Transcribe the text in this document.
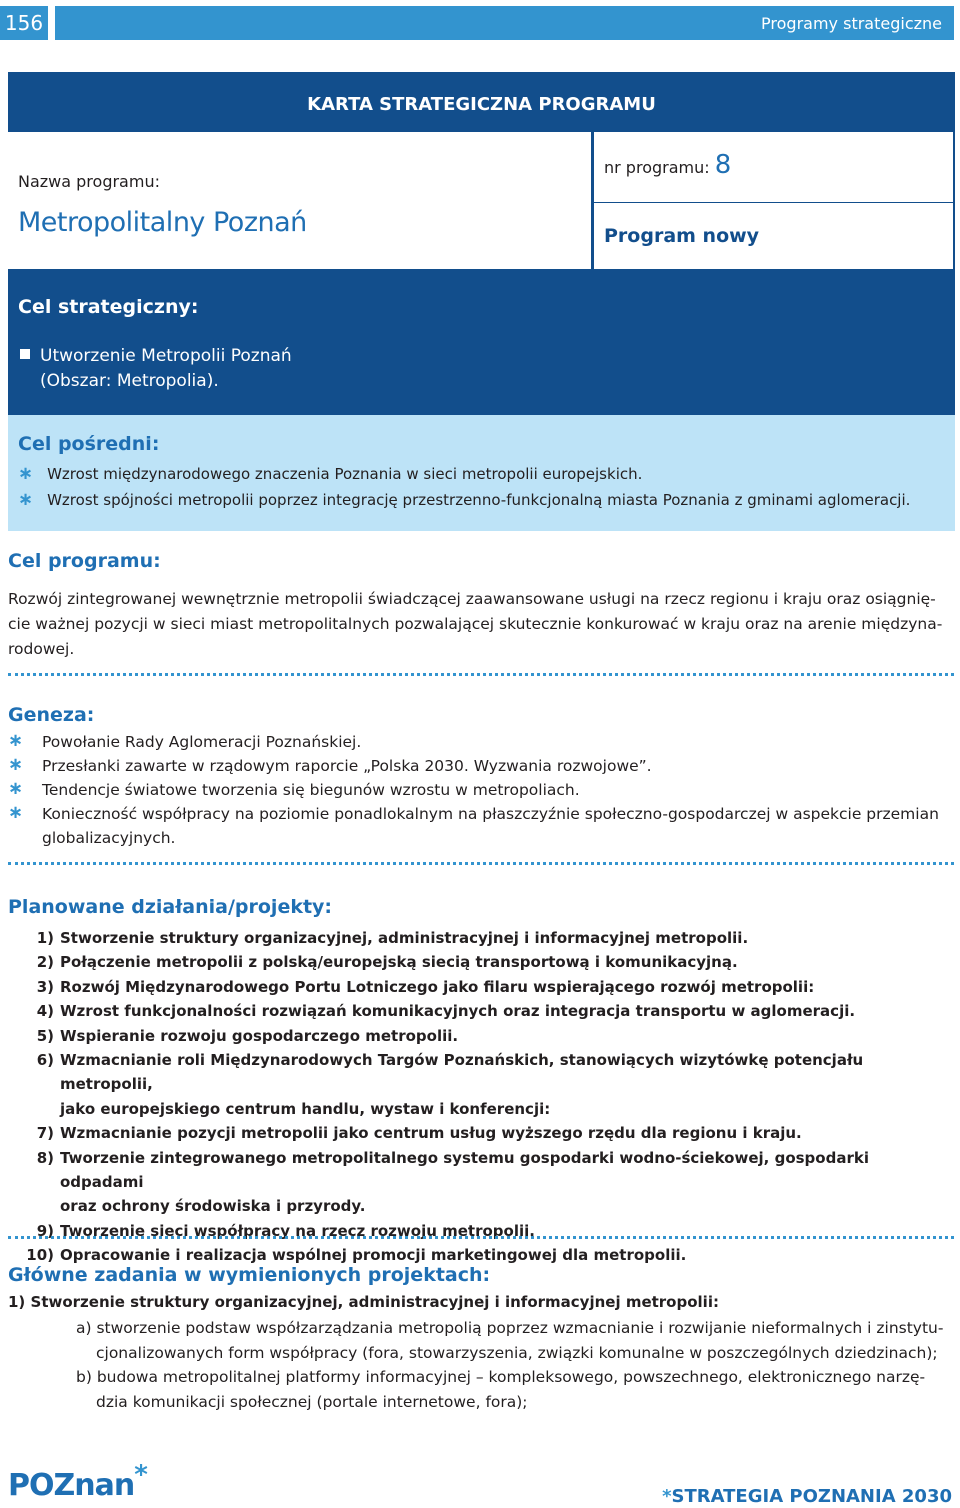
156	Programy strategiczne
KARTA STRATEGICZNA PROGRAMU
Nazwa programu:
Metropolitalny Poznań
nr programu: 8
Program nowy
Cel strategiczny:
Utworzenie Metropolii Poznań
(Obszar: Metropolia).
Cel pośredni:
∗ Wzrost międzynarodowego znaczenia Poznania w sieci metropolii europejskich.
∗ Wzrost spójności metropolii poprzez integrację przestrzenno-funkcjonalną miasta Poznania z gminami aglomeracji.
Cel programu:
Rozwój zintegrowanej wewnętrznie metropolii świadczącej zaawansowane usługi na rzecz regionu i kraju oraz osiągnię-
cie ważnej pozycji w sieci miast metropolitalnych pozwalającej skutecznie konkurować w kraju oraz na arenie międzyna-
rodowej.
Geneza:
∗ Powołanie Rady Aglomeracji Poznańskiej.
∗ Przesłanki zawarte w rządowym raporcie „Polska 2030. Wyzwania rozwojowe”.
∗ Tendencje światowe tworzenia się biegunów wzrostu w metropoliach.
∗ Konieczność współpracy na poziomie ponadlokalnym na płaszczyźnie społeczno-gospodarczej w aspekcie przemian
globalizacyjnych.
Planowane działania/projekty:
1) Stworzenie struktury organizacyjnej, administracyjnej i informacyjnej metropolii.
2) Połączenie metropolii z polską/europejską siecią transportową i komunikacyjną.
3) Rozwój Międzynarodowego Portu Lotniczego jako filaru wspierającego rozwój metropolii:
4) Wzrost funkcjonalności rozwiązań komunikacyjnych oraz integracja transportu w aglomeracji.
5) Wspieranie rozwoju gospodarczego metropolii.
6) Wzmacnianie roli Międzynarodowych Targów Poznańskich, stanowiących wizytówkę potencjału metropolii,
jako europejskiego centrum handlu, wystaw i konferencji:
7) Wzmacnianie pozycji metropolii jako centrum usług wyższego rzędu dla regionu i kraju.
8) Tworzenie zintegrowanego metropolitalnego systemu gospodarki wodno-ściekowej, gospodarki odpadami
oraz ochrony środowiska i przyrody.
9) Tworzenie sieci współpracy na rzecz rozwoju metropolii.
10) Opracowanie i realizacja wspólnej promocji marketingowej dla metropolii.
Główne zadania w wymienionych projektach:
1) Stworzenie struktury organizacyjnej, administracyjnej i informacyjnej metropolii:
a) stworzenie podstaw współzarządzania metropolią poprzez wzmacnianie i rozwijanie nieformalnych i zinstytu-
cjonalizowanych form współpracy (fora, stowarzyszenia, związki komunalne w poszczególnych dziedzinach);
b) budowa metropolitalnej platformy informacyjnej – kompleksowego, powszechnego, elektronicznego narzę-
dzia komunikacji społecznej (portale internetowe, fora);
POZnan*
*STRATEGIA POZNANIA 2030
